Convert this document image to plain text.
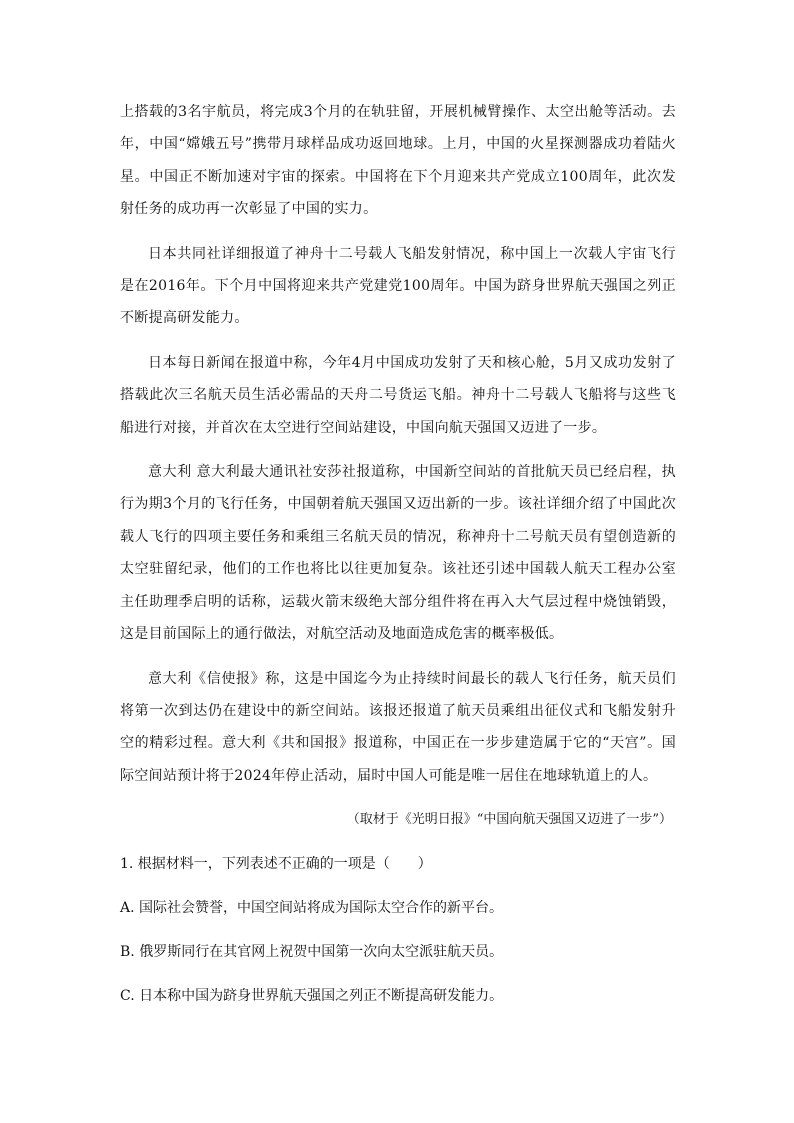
上搭载的3名宇航员，将完成3个月的在轨驻留，开展机械臂操作、太空出舱等活动。去年，中国“嫦娥五号”携带月球样品成功返回地球。上月，中国的火星探测器成功着陆火星。中国正不断加速对宇宙的探索。中国将在下个月迎来共产党成立100周年，此次发射任务的成功再一次彰显了中国的实力。

日本共同社详细报道了神舟十二号载人飞船发射情况，称中国上一次载人宇宙飞行是在2016年。下个月中国将迎来共产党建党100周年。中国为跻身世界航天强国之列正不断提高研发能力。

日本每日新闻在报道中称，今年4月中国成功发射了天和核心舱，5月又成功发射了搭载此次三名航天员生活必需品的天舟二号货运飞船。神舟十二号载人飞船将与这些飞船进行对接，并首次在太空进行空间站建设，中国向航天强国又迈进了一步。

意大利 意大利最大通讯社安莎社报道称，中国新空间站的首批航天员已经启程，执行为期3个月的飞行任务，中国朝着航天强国又迈出新的一步。该社详细介绍了中国此次载人飞行的四项主要任务和乘组三名航天员的情况，称神舟十二号航天员有望创造新的太空驻留纪录，他们的工作也将比以往更加复杂。该社还引述中国载人航天工程办公室主任助理季启明的话称，运载火箭末级绝大部分组件将在再入大气层过程中烧蚀销毁，这是目前国际上的通行做法，对航空活动及地面造成危害的概率极低。

意大利《信使报》称，这是中国迄今为止持续时间最长的载人飞行任务，航天员们将第一次到达仍在建设中的新空间站。该报还报道了航天员乘组出征仪式和飞船发射升空的精彩过程。意大利《共和国报》报道称，中国正在一步步建造属于它的“天宫”。国际空间站预计将于2024年停止活动，届时中国人可能是唯一居住在地球轨道上的人。

（取材于《光明日报》“中国向航天强国又迈进了一步”）

1. 根据材料一，下列表述不正确的一项是（　　）

A. 国际社会赞誉，中国空间站将成为国际太空合作的新平台。

B. 俄罗斯同行在其官网上祝贺中国第一次向太空派驻航天员。

C. 日本称中国为跻身世界航天强国之列正不断提高研发能力。
